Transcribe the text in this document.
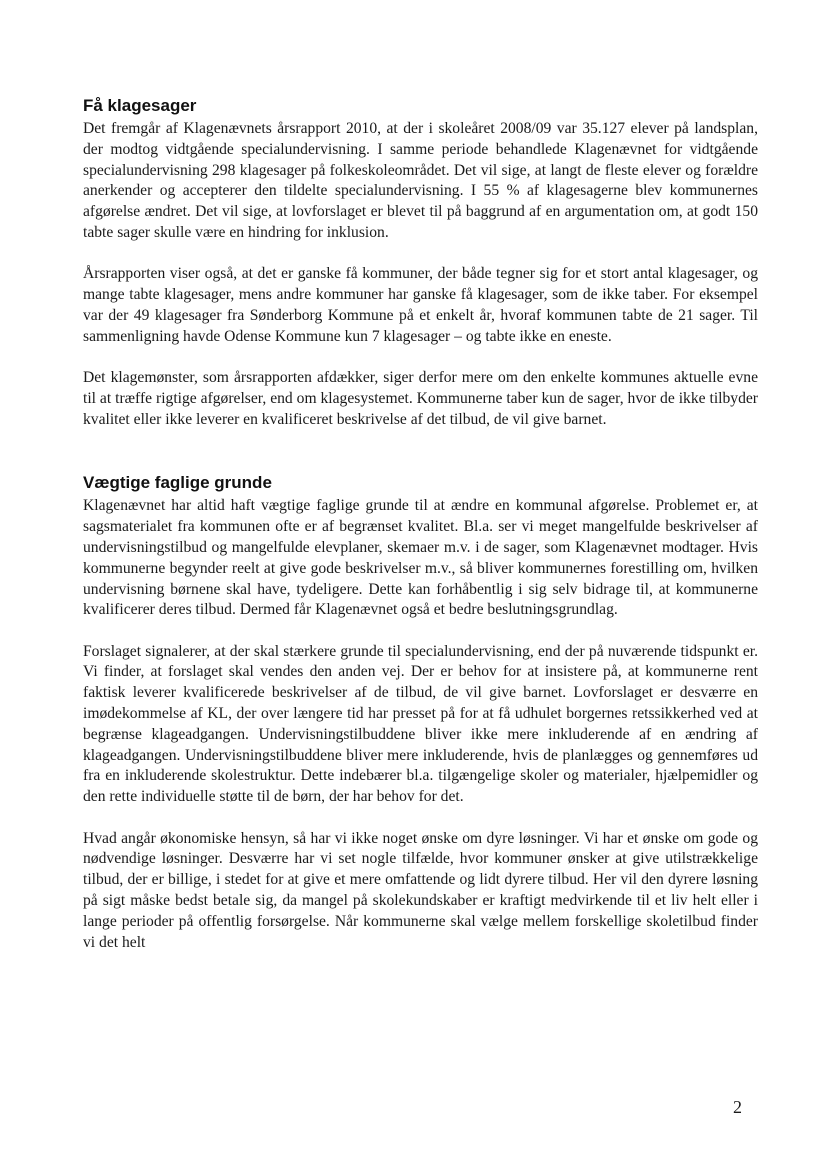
Få klagesager

Det fremgår af Klagenævnets årsrapport 2010, at der i skoleåret 2008/09 var 35.127 elever på landsplan, der modtog vidtgående specialundervisning. I samme periode behandlede Klagenævnet for vidtgående specialundervisning 298 klagesager på folkeskoleområdet. Det vil sige, at langt de fleste elever og forældre anerkender og accepterer den tildelte specialundervisning. I 55 % af klagesagerne blev kommunernes afgørelse ændret. Det vil sige, at lovforslaget er blevet til på baggrund af en argumentation om, at godt 150 tabte sager skulle være en hindring for inklusion.

Årsrapporten viser også, at det er ganske få kommuner, der både tegner sig for et stort antal klagesager, og mange tabte klagesager, mens andre kommuner har ganske få klagesager, som de ikke taber. For eksempel var der 49 klagesager fra Sønderborg Kommune på et enkelt år, hvoraf kommunen tabte de 21 sager. Til sammenligning havde Odense Kommune kun 7 klagesager – og tabte ikke en eneste.

Det klagemønster, som årsrapporten afdækker, siger derfor mere om den enkelte kommunes aktuelle evne til at træffe rigtige afgørelser, end om klagesystemet. Kommunerne taber kun de sager, hvor de ikke tilbyder kvalitet eller ikke leverer en kvalificeret beskrivelse af det tilbud, de vil give barnet.

Vægtige faglige grunde

Klagenævnet har altid haft vægtige faglige grunde til at ændre en kommunal afgørelse. Problemet er, at sagsmaterialet fra kommunen ofte er af begrænset kvalitet. Bl.a. ser vi meget mangelfulde beskrivelser af undervisningstilbud og mangelfulde elevplaner, skemaer m.v. i de sager, som Klagenævnet modtager. Hvis kommunerne begynder reelt at give gode beskrivelser m.v., så bliver kommunernes forestilling om, hvilken undervisning børnene skal have, tydeligere. Dette kan forhåbentlig i sig selv bidrage til, at kommunerne kvalificerer deres tilbud. Dermed får Klagenævnet også et bedre beslutningsgrundlag.

Forslaget signalerer, at der skal stærkere grunde til specialundervisning, end der på nuværende tidspunkt er. Vi finder, at forslaget skal vendes den anden vej. Der er behov for at insistere på, at kommunerne rent faktisk leverer kvalificerede beskrivelser af de tilbud, de vil give barnet. Lovforslaget er desværre en imødekommelse af KL, der over længere tid har presset på for at få udhulet borgernes retssikkerhed ved at begrænse klageadgangen. Undervisningstilbuddene bliver ikke mere inkluderende af en ændring af klageadgangen. Undervisningstilbuddene bliver mere inkluderende, hvis de planlægges og gennemføres ud fra en inkluderende skolestruktur. Dette indebærer bl.a. tilgængelige skoler og materialer, hjælpemidler og den rette individuelle støtte til de børn, der har behov for det.

Hvad angår økonomiske hensyn, så har vi ikke noget ønske om dyre løsninger. Vi har et ønske om gode og nødvendige løsninger. Desværre har vi set nogle tilfælde, hvor kommuner ønsker at give utilstrækkelige tilbud, der er billige, i stedet for at give et mere omfattende og lidt dyrere tilbud. Her vil den dyrere løsning på sigt måske bedst betale sig, da mangel på skolekundskaber er kraftigt medvirkende til et liv helt eller i lange perioder på offentlig forsørgelse. Når kommunerne skal vælge mellem forskellige skoletilbud finder vi det helt

2
